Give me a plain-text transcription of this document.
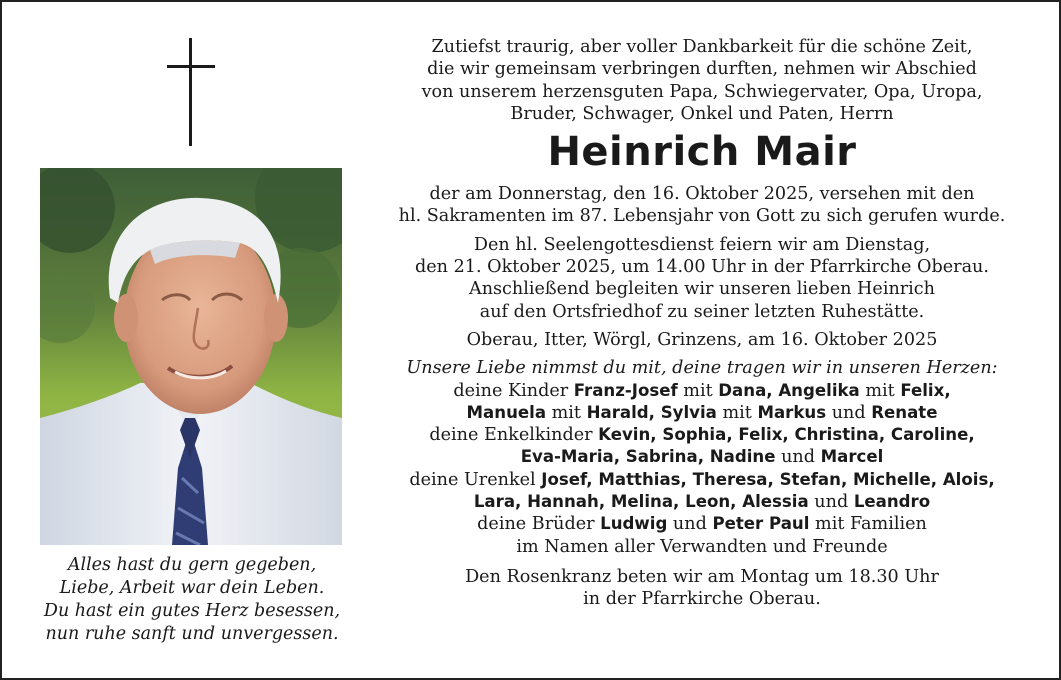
Alles hast du gern gegeben,
Liebe, Arbeit war dein Leben.
Du hast ein gutes Herz besessen,
nun ruhe sanft und unvergessen.
Zutiefst traurig, aber voller Dankbarkeit für die schöne Zeit,
die wir gemeinsam verbringen durften, nehmen wir Abschied
von unserem herzensguten Papa, Schwiegervater, Opa, Uropa,
Bruder, Schwager, Onkel und Paten, Herrn
Heinrich Mair
der am Donnerstag, den 16. Oktober 2025, versehen mit den
hl. Sakramenten im 87. Lebensjahr von Gott zu sich gerufen wurde.
Den hl. Seelengottesdienst feiern wir am Dienstag,
den 21. Oktober 2025, um 14.00 Uhr in der Pfarrkirche Oberau.
Anschließend begleiten wir unseren lieben Heinrich
auf den Ortsfriedhof zu seiner letzten Ruhestätte.
Oberau, Itter, Wörgl, Grinzens, am 16. Oktober 2025
Unsere Liebe nimmst du mit, deine tragen wir in unseren Herzen:
deine Kinder Franz-Josef mit Dana, Angelika mit Felix,
Manuela mit Harald, Sylvia mit Markus und Renate
deine Enkelkinder Kevin, Sophia, Felix, Christina, Caroline,
Eva-Maria, Sabrina, Nadine und Marcel
deine Urenkel Josef, Matthias, Theresa, Stefan, Michelle, Alois,
Lara, Hannah, Melina, Leon, Alessia und Leandro
deine Brüder Ludwig und Peter Paul mit Familien
im Namen aller Verwandten und Freunde
Den Rosenkranz beten wir am Montag um 18.30 Uhr
in der Pfarrkirche Oberau.
